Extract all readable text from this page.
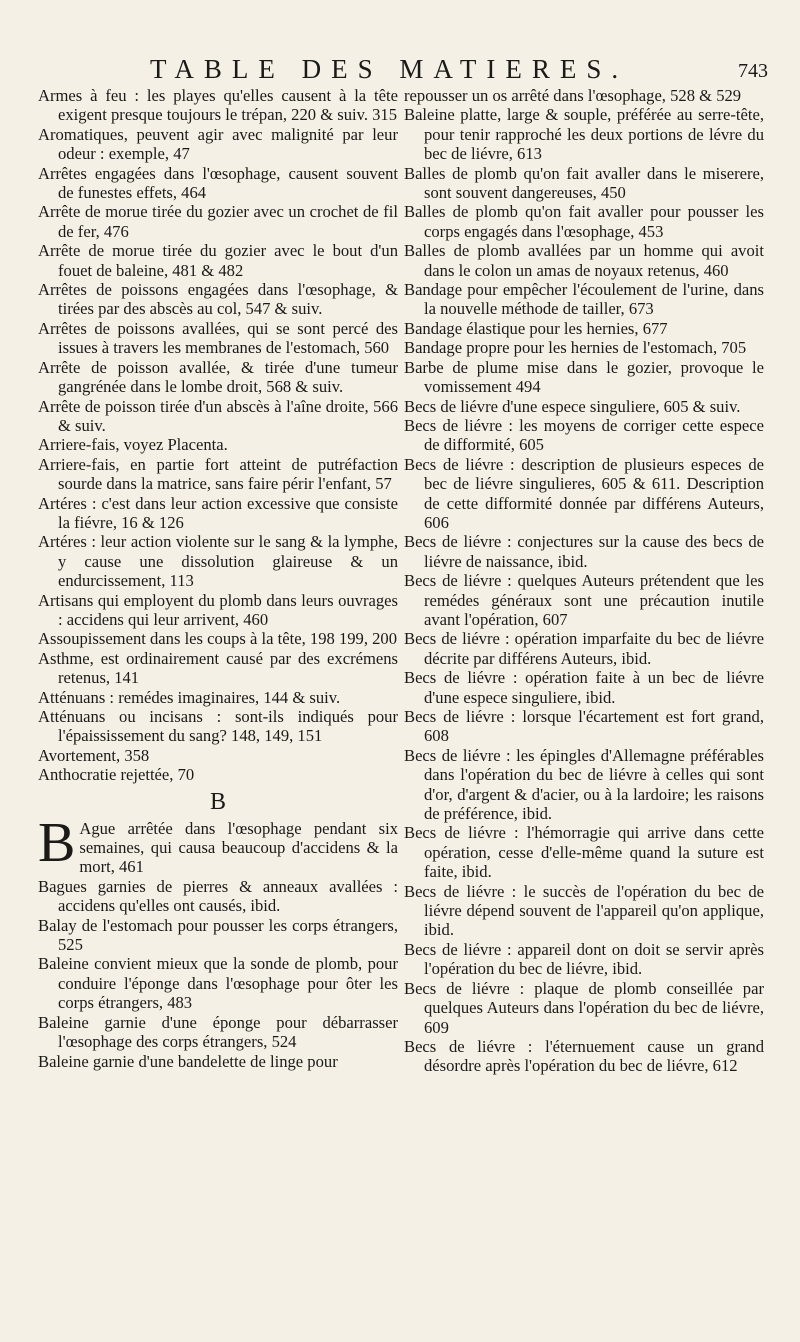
TABLE DES MATIERES.	743

Armes à feu : les playes qu'elles causent à la tête exigent presque toujours le trépan, 220 & suiv. 315

Aromatiques, peuvent agir avec malignité par leur odeur : exemple, 47

Arrêtes engagées dans l'œsophage, causent souvent de funestes effets, 464

Arrête de morue tirée du gozier avec un crochet de fil de fer, 476

Arrête de morue tirée du gozier avec le bout d'un fouet de baleine, 481 & 482

Arrêtes de poissons engagées dans l'œsophage, & tirées par des abscès au col, 547 & suiv.

Arrêtes de poissons avallées, qui se sont percé des issues à travers les membranes de l'estomach, 560

Arrête de poisson avallée, & tirée d'une tumeur gangrénée dans le lombe droit, 568 & suiv.

Arrête de poisson tirée d'un abscès à l'aîne droite, 566 & suiv.

Arriere-fais, voyez Placenta.

Arriere-fais, en partie fort atteint de putréfaction sourde dans la matrice, sans faire périr l'enfant, 57

Artéres : c'est dans leur action excessive que consiste la fiévre, 16 & 126

Artéres : leur action violente sur le sang & la lymphe, y cause une dissolution glaireuse & un endurcissement, 113

Artisans qui employent du plomb dans leurs ouvrages : accidens qui leur arrivent, 460

Assoupissement dans les coups à la tête, 198 199, 200

Asthme, est ordinairement causé par des excrémens retenus, 141

Atténuans : remédes imaginaires, 144 & suiv.

Atténuans ou incisans : sont-ils indiqués pour l'épaississement du sang? 148, 149, 151

Avortement, 358

Anthocratie rejettée, 70

B

B Ague arrêtée dans l'œsophage pendant six semaines, qui causa beaucoup d'accidens & la mort, 461

Bagues garnies de pierres & anneaux avallées : accidens qu'elles ont causés, ibid.

Balay de l'estomach pour pousser les corps étrangers, 525

Baleine convient mieux que la sonde de plomb, pour conduire l'éponge dans l'œsophage pour ôter les corps étrangers, 483

Baleine garnie d'une éponge pour débarrasser l'œsophage des corps étrangers, 524

Baleine garnie d'une bandelette de linge pour

repousser un os arrêté dans l'œsophage, 528 & 529

Baleine platte, large & souple, préférée au serre-tête, pour tenir rapproché les deux portions de lévre du bec de liévre, 613

Balles de plomb qu'on fait avaller dans le miserere, sont souvent dangereuses, 450

Balles de plomb qu'on fait avaller pour pousser les corps engagés dans l'œsophage, 453

Balles de plomb avallées par un homme qui avoit dans le colon un amas de noyaux retenus, 460

Bandage pour empêcher l'écoulement de l'urine, dans la nouvelle méthode de tailler, 673

Bandage élastique pour les hernies, 677

Bandage propre pour les hernies de l'estomach, 705

Barbe de plume mise dans le gozier, provoque le vomissement 494

Becs de liévre d'une espece singuliere, 605 & suiv.

Becs de liévre : les moyens de corriger cette espece de difformité, 605

Becs de liévre : description de plusieurs especes de bec de liévre singulieres, 605 & 611. Description de cette difformité donnée par différens Auteurs, 606

Becs de liévre : conjectures sur la cause des becs de liévre de naissance, ibid.

Becs de liévre : quelques Auteurs prétendent que les remédes généraux sont une précaution inutile avant l'opération, 607

Becs de liévre : opération imparfaite du bec de liévre décrite par différens Auteurs, ibid.

Becs de liévre : opération faite à un bec de liévre d'une espece singuliere, ibid.

Becs de liévre : lorsque l'écartement est fort grand, 608

Becs de liévre : les épingles d'Allemagne préférables dans l'opération du bec de liévre à celles qui sont d'or, d'argent & d'acier, ou à la lardoire; les raisons de préférence, ibid.

Becs de liévre : l'hémorragie qui arrive dans cette opération, cesse d'elle-même quand la suture est faite, ibid.

Becs de liévre : le succès de l'opération du bec de liévre dépend souvent de l'appareil qu'on applique, ibid.

Becs de liévre : appareil dont on doit se servir après l'opération du bec de liévre, ibid.

Becs de liévre : plaque de plomb conseillée par quelques Auteurs dans l'opération du bec de liévre, 609

Becs de liévre : l'éternuement cause un grand désordre après l'opération du bec de liévre, 612
